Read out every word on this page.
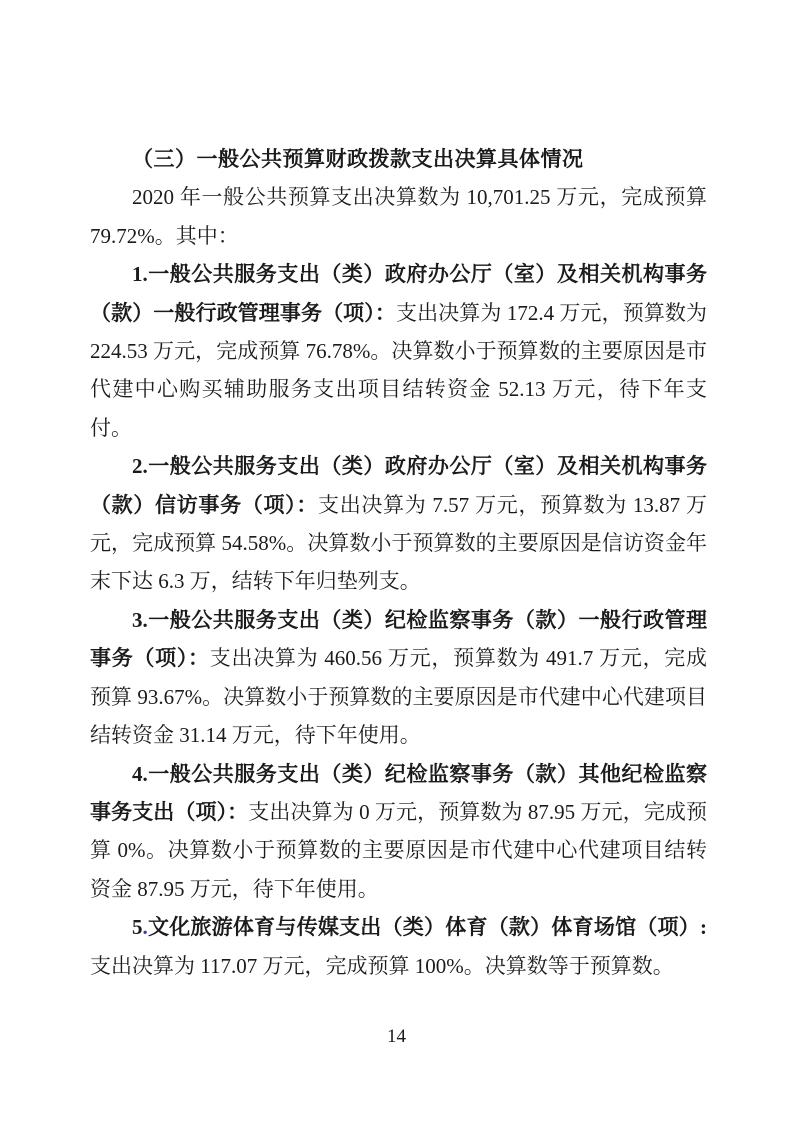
（三）一般公共预算财政拨款支出决算具体情况

2020 年一般公共预算支出决算数为 10,701.25 万元，完成预算 79.72%。其中：

1.一般公共服务支出（类）政府办公厅（室）及相关机构事务（款）一般行政管理事务（项）：支出决算为 172.4 万元，预算数为 224.53 万元，完成预算 76.78%。决算数小于预算数的主要原因是市代建中心购买辅助服务支出项目结转资金 52.13 万元，待下年支付。

2.一般公共服务支出（类）政府办公厅（室）及相关机构事务（款）信访事务（项）：支出决算为 7.57 万元，预算数为 13.87 万元，完成预算 54.58%。决算数小于预算数的主要原因是信访资金年末下达 6.3 万，结转下年归垫列支。

3.一般公共服务支出（类）纪检监察事务（款）一般行政管理事务（项）：支出决算为 460.56 万元，预算数为 491.7 万元，完成预算 93.67%。决算数小于预算数的主要原因是市代建中心代建项目结转资金 31.14 万元，待下年使用。

4.一般公共服务支出（类）纪检监察事务（款）其他纪检监察事务支出（项）：支出决算为 0 万元，预算数为 87.95 万元，完成预算 0%。决算数小于预算数的主要原因是市代建中心代建项目结转资金 87.95 万元，待下年使用。

5.文化旅游体育与传媒支出（类）体育（款）体育场馆（项）:支出决算为 117.07 万元，完成预算 100%。决算数等于预算数。

14
